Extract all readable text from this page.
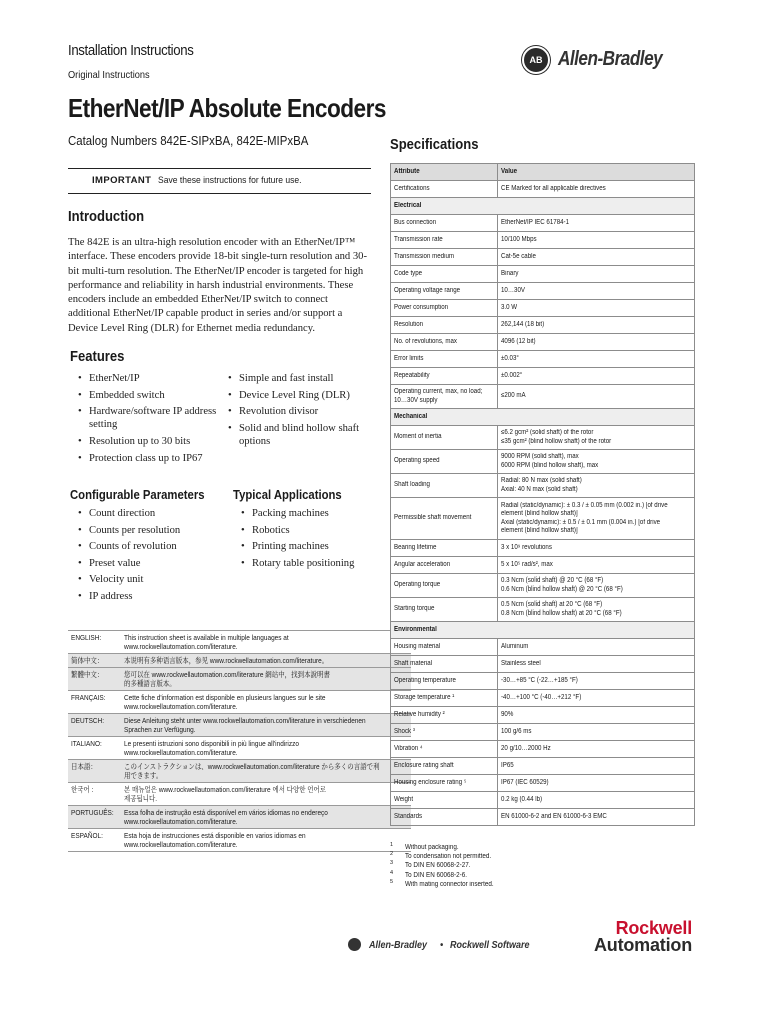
Installation Instructions
Original Instructions
AB Allen-Bradley
EtherNet/IP Absolute Encoders
Catalog Numbers 842E-SIPxBA, 842E-MIPxBA
IMPORTANT Save these instructions for future use.
Introduction
The 842E is an ultra-high resolution encoder with an EtherNet/IP™ interface. These encoders provide 18-bit single-turn resolution and 30-bit multi-turn resolution. The EtherNet/IP encoder is targeted for high performance and reliability in harsh industrial environments. These encoders include an embedded EtherNet/IP switch to connect additional EtherNet/IP capable product in series and/or support a Device Level Ring (DLR) for Ethernet media redundancy.
Features
• EtherNet/IP
• Embedded switch
• Hardware/software IP address setting
• Resolution up to 30 bits
• Protection class up to IP67
• Simple and fast install
• Device Level Ring (DLR)
• Revolution divisor
• Solid and blind hollow shaft options
Configurable Parameters
• Count direction
• Counts per resolution
• Counts of revolution
• Preset value
• Velocity unit
• IP address
Typical Applications
• Packing machines
• Robotics
• Printing machines
• Rotary table positioning
ENGLISH:	This instruction sheet is available in multiple languages at
www.rockwellautomation.com/literature.

简体中文：	本说明有多种语言版本，参见 www.rockwellautomation.com/literature。

繁體中文：	您可以在 www.rockwellautomation.com/literature 網站中，找到本說明書
的多種語言版本。

FRANÇAIS:	Cette fiche d'information est disponible en plusieurs langues sur le site
www.rockwellautomation.com/literature.

DEUTSCH:	Diese Anleitung steht unter www.rockwellautomation.com/literature in verschiedenen
Sprachen zur Verfügung.

ITALIANO:	Le presenti istruzioni sono disponibili in più lingue all'indirizzo
www.rockwellautomation.com/literature.

日本語：	このインストラクションは、www.rockwellautomation.com/literature から多くの言語で利
用できます。

한국어 :	본 매뉴얼은 www.rockwellautomation.com/literature 에서 다양한 언어로
제공됩니다.

PORTUGUÊS:	Essa folha de instrução está disponível em vários idiomas no endereço
www.rockwellautomation.com/literature.

ESPAÑOL:	Esta hoja de instrucciones está disponible en varios idiomas en
www.rockwellautomation.com/literature.
Specifications
Attribute	Value

Certifications	CE Marked for all applicable directives

Electrical	

Bus connection	EtherNet/IP IEC 61784-1

Transmission rate	10/100 Mbps

Transmission medium	Cat-5e cable

Code type	Binary

Operating voltage range	10…30V

Power consumption	3.0 W

Resolution	262,144 (18 bit)

No. of revolutions, max	4096 (12 bit)

Error limits	±0.03°

Repeatability	±0.002°

Operating current, max, no load;
10…30V supply	≤200 mA

Mechanical	

Moment of inertia	≤6.2 gcm² (solid shaft) of the rotor
≤35 gcm² (blind hollow shaft) of the rotor

Operating speed	9000 RPM (solid shaft), max
6000 RPM (blind hollow shaft), max

Shaft loading	Radial: 80 N max (solid shaft)
Axial: 40 N max (solid shaft)

Permissible shaft movement	Radial (static/dynamic): ± 0.3 / ± 0.05 mm (0.002 in.) [of drive
element (blind hollow shaft)]
Axial (static/dynamic): ± 0.5 / ± 0.1 mm (0.004 in.) [of drive
element (blind hollow shaft)]

Bearing lifetime	3 x 10⁹ revolutions

Angular acceleration	5 x 10⁵ rad/s², max

Operating torque	0.3 Ncm (solid shaft) @ 20 °C (68 °F)
0.6 Ncm (blind hollow shaft) @ 20 °C (68 °F)

Starting torque	0.5 Ncm (solid shaft) at 20 °C (68 °F)
0.8 Ncm (blind hollow shaft) at 20 °C (68 °F)

Environmental	

Housing material	Aluminum

Shaft material	Stainless steel

Operating temperature	-30…+85 °C (-22…+185 °F)

Storage temperature ¹	-40…+100 °C (-40…+212 °F)

Relative humidity ²	90%

Shock ³	100 g/6 ms

Vibration ⁴	20 g/10…2000 Hz

Enclosure rating shaft	IP65

Housing enclosure rating ⁵	IP67 (IEC 60529)

Weight	0.2 kg (0.44 lb)

Standards	EN 61000-6-2 and EN 61000-6-3 EMC
1 Without packaging.
2 To condensation not permitted.
3 To DIN EN 60068-2-27.
4 To DIN EN 60068-2-6.
5 With mating connector inserted.
Allen-Bradley • Rockwell Software
Rockwell
Automation
